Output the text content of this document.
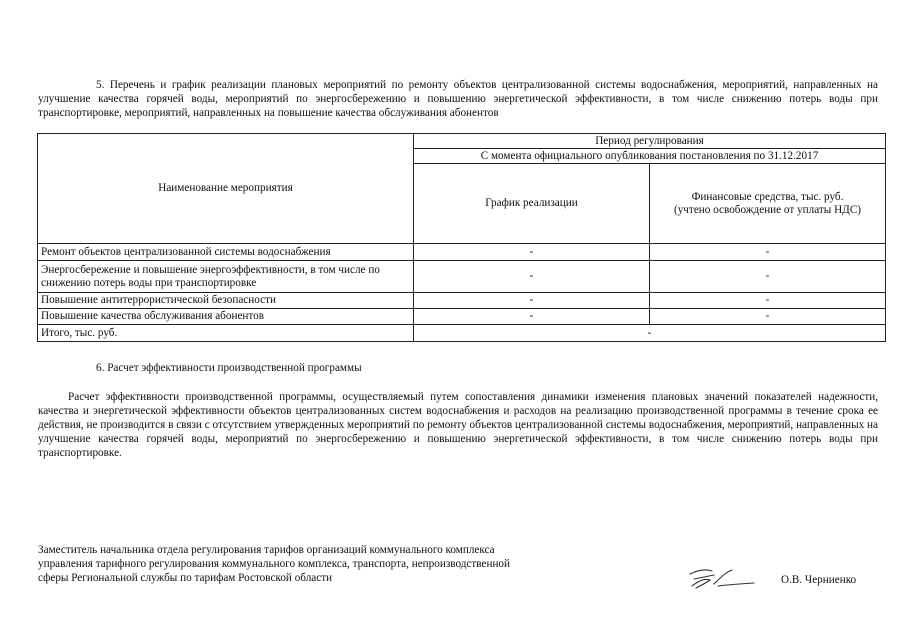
5. Перечень и график реализации плановых мероприятий по ремонту объектов централизованной системы водоснабжения, мероприятий, направленных на улучшение качества горячей воды, мероприятий по энергосбережению и повышению энергетической эффективности, в том числе снижению потерь воды при транспортировке, мероприятий, направленных на повышение качества обслуживания абонентов

Наименование мероприятия	Период регулирования	
	С момента официального опубликования постановления по 31.12.2017	
	График реализации	Финансовые средства, тыс. руб.
(учтено освобождение от уплаты НДС)

Ремонт объектов централизованной системы водоснабжения	-	-
Энергосбережение и повышение энергоэффективности, в том числе по снижению потерь воды при транспортировке	-	-
Повышение антитеррористической безопасности	-	-
Повышение качества обслуживания абонентов	-	-
Итого, тыс. руб.	-	

6. Расчет эффективности производственной программы

Расчет эффективности производственной программы, осуществляемый путем сопоставления динамики изменения плановых значений показателей надежности, качества и энергетической эффективности объектов централизованных систем водоснабжения и расходов на реализацию производственной программы в течение срока ее действия, не производится в связи с отсутствием утвержденных мероприятий по ремонту объектов централизованной системы водоснабжения, мероприятий, направленных на улучшение качества горячей воды, мероприятий по энергосбережению и повышению энергетической эффективности, в том числе снижению потерь воды при транспортировке.

Заместитель начальника отдела регулирования тарифов организаций коммунального комплекса
управления тарифного регулирования коммунального комплекса, транспорта, непроизводственной
сферы Региональной службы по тарифам Ростовской области	О.В. Черниенко
